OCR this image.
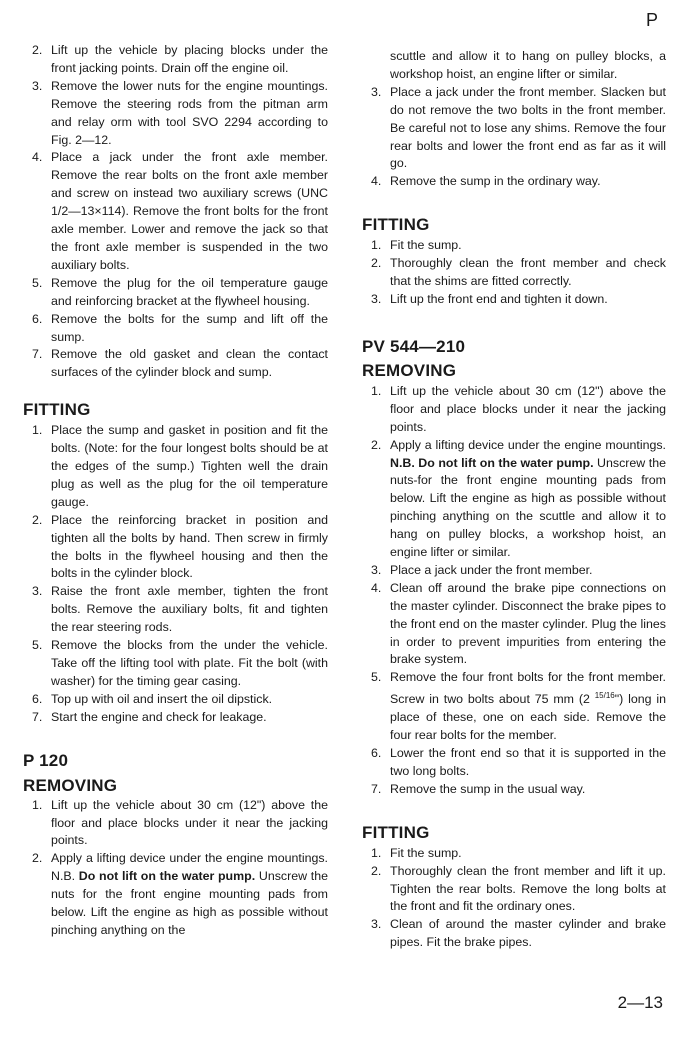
P
2. Lift up the vehicle by placing blocks under the front jacking points. Drain off the engine oil.
3. Remove the lower nuts for the engine mountings. Remove the steering rods from the pitman arm and relay orm with tool SVO 2294 according to Fig. 2—12.
4. Place a jack under the front axle member. Remove the rear bolts on the front axle member and screw on instead two auxiliary screws (UNC 1/2—13×114). Remove the front bolts for the front axle member. Lower and remove the jack so that the front axle member is suspended in the two auxiliary bolts.
5. Remove the plug for the oil temperature gauge and reinforcing bracket at the flywheel housing.
6. Remove the bolts for the sump and lift off the sump.
7. Remove the old gasket and clean the contact surfaces of the cylinder block and sump.
FITTING
1. Place the sump and gasket in position and fit the bolts. (Note: for the four longest bolts should be at the edges of the sump.) Tighten well the drain plug as well as the plug for the oil temperature gauge.
2. Place the reinforcing bracket in position and tighten all the bolts by hand. Then screw in firmly the bolts in the flywheel housing and then the bolts in the cylinder block.
3. Raise the front axle member, tighten the front bolts. Remove the auxiliary bolts, fit and tighten the rear steering rods.
5. Remove the blocks from the under the vehicle. Take off the lifting tool with plate. Fit the bolt (with washer) for the timing gear casing.
6. Top up with oil and insert the oil dipstick.
7. Start the engine and check for leakage.
P 120
REMOVING
1. Lift up the vehicle about 30 cm (12") above the floor and place blocks under it near the jacking points.
2. Apply a lifting device under the engine mountings. N.B. Do not lift on the water pump. Unscrew the nuts for the front engine mounting pads from below. Lift the engine as high as possible without pinching anything on the
scuttle and allow it to hang on pulley blocks, a workshop hoist, an engine lifter or similar.
3. Place a jack under the front member. Slacken but do not remove the two bolts in the front member. Be careful not to lose any shims. Remove the four rear bolts and lower the front end as far as it will go.
4. Remove the sump in the ordinary way.
FITTING
1. Fit the sump.
2. Thoroughly clean the front member and check that the shims are fitted correctly.
3. Lift up the front end and tighten it down.
PV 544—210
REMOVING
1. Lift up the vehicle about 30 cm (12") above the floor and place blocks under it near the jacking points.
2. Apply a lifting device under the engine mountings. N.B. Do not lift on the water pump. Unscrew the nuts-for the front engine mounting pads from below. Lift the engine as high as possible without pinching anything on the scuttle and allow it to hang on pulley blocks, a workshop hoist, an engine lifter or similar.
3. Place a jack under the front member.
4. Clean off around the brake pipe connections on the master cylinder. Disconnect the brake pipes to the front end on the master cylinder. Plug the lines in order to prevent impurities from entering the brake system.
5. Remove the four front bolts for the front member. Screw in two bolts about 75 mm (2 $^{15/16}$") long in place of these, one on each side. Remove the four rear bolts for the member.
6. Lower the front end so that it is supported in the two long bolts.
7. Remove the sump in the usual way.
FITTING
1. Fit the sump.
2. Thoroughly clean the front member and lift it up. Tighten the rear bolts. Remove the long bolts at the front and fit the ordinary ones.
3. Clean of around the master cylinder and brake pipes. Fit the brake pipes.
2—13
